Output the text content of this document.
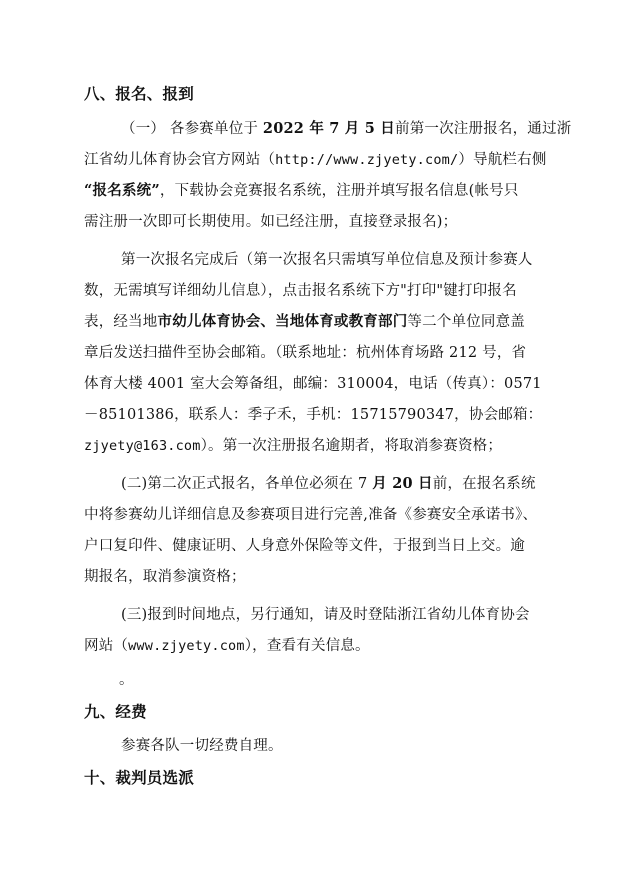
八、报名、报到
（一） 各参赛单位于 2022 年 7 月 5 日前第一次注册报名，通过浙
江省幼儿体育协会官方网站（http://www.zjyety.com/）导航栏右侧
“报名系统”，下载协会竞赛报名系统，注册并填写报名信息(帐号只
需注册一次即可长期使用。如已经注册，直接登录报名)；
第一次报名完成后（第一次报名只需填写单位信息及预计参赛人
数，无需填写详细幼儿信息），点击报名系统下方"打印"键打印报名
表，经当地市幼儿体育协会、当地体育或教育部门等二个单位同意盖
章后发送扫描件至协会邮箱。（联系地址：杭州体育场路 212 号，省
体育大楼 4001 室大会筹备组，邮编：310004，电话（传真）：0571
－85101386，联系人：季子禾，手机：15715790347，协会邮箱：
zjyety@163.com）。第一次注册报名逾期者，将取消参赛资格；
(二)第二次正式报名，各单位必须在 7 月 20 日前，在报名系统
中将参赛幼儿详细信息及参赛项目进行完善,准备《参赛安全承诺书》、
户口复印件、健康证明、人身意外保险等文件，于报到当日上交。逾
期报名，取消参演资格；
(三)报到时间地点，另行通知，请及时登陆浙江省幼儿体育协会
网站（www.zjyety.com），查看有关信息。
。
九、经费
参赛各队一切经费自理。
十、裁判员选派
